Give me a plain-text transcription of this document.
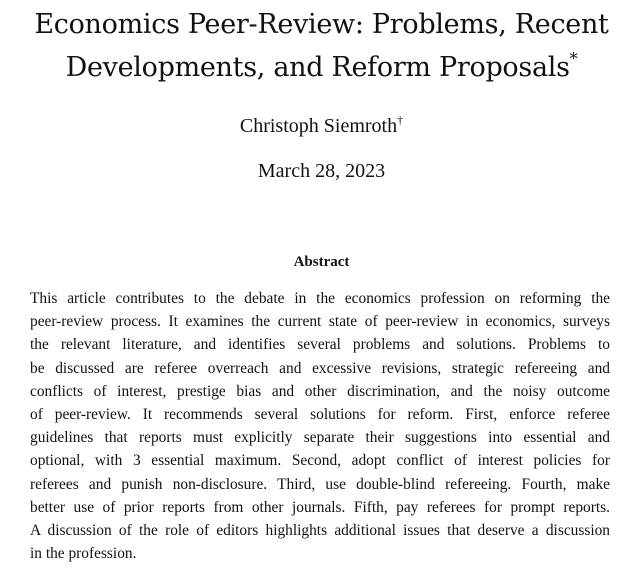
Economics Peer-Review: Problems, Recent
Developments, and Reform Proposals*
Christoph Siemroth†
March 28, 2023
Abstract
This article contributes to the debate in the economics profession on reforming the
peer-review process. It examines the current state of peer-review in economics, surveys
the relevant literature, and identifies several problems and solutions. Problems to
be discussed are referee overreach and excessive revisions, strategic refereeing and
conflicts of interest, prestige bias and other discrimination, and the noisy outcome
of peer-review. It recommends several solutions for reform. First, enforce referee
guidelines that reports must explicitly separate their suggestions into essential and
optional, with 3 essential maximum. Second, adopt conflict of interest policies for
referees and punish non-disclosure. Third, use double-blind refereeing. Fourth, make
better use of prior reports from other journals. Fifth, pay referees for prompt reports.
A discussion of the role of editors highlights additional issues that deserve a discussion
in the profession.
